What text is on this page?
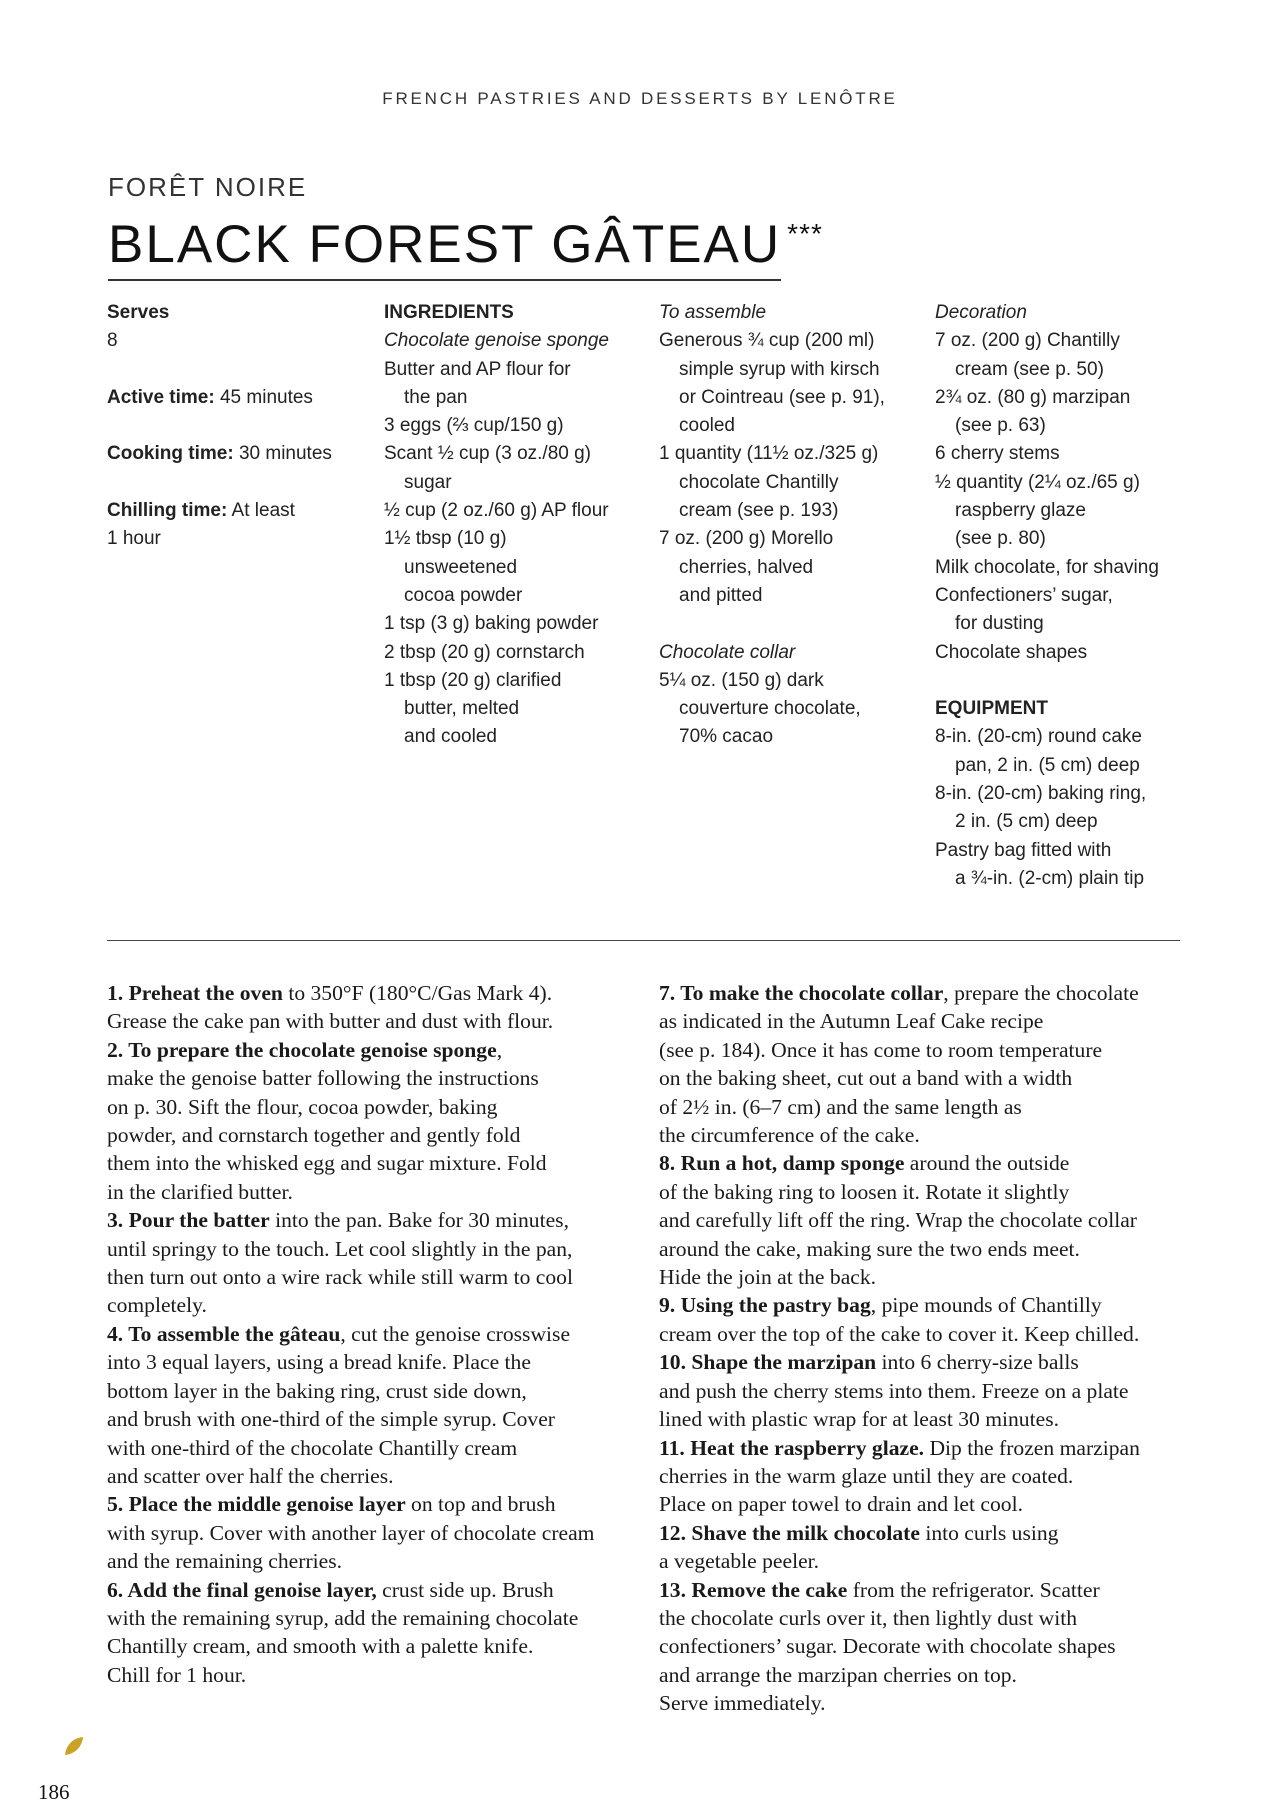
FRENCH PASTRIES AND DESSERTS BY LENÔTRE
FORÊT NOIRE
BLACK FOREST GÂTEAU ***

Serves

8

Active time: 45 minutes

Cooking time: 30 minutes

Chilling time: At least

1 hour

INGREDIENTS

Chocolate genoise sponge

Butter and AP flour for

the pan

3 eggs (⅔ cup/150 g)

Scant ½ cup (3 oz./80 g)

sugar

½ cup (2 oz./60 g) AP flour

1½ tbsp (10 g)

unsweetened

cocoa powder

1 tsp (3 g) baking powder

2 tbsp (20 g) cornstarch

1 tbsp (20 g) clarified

butter, melted

and cooled

To assemble

Generous ¾ cup (200 ml)

simple syrup with kirsch

or Cointreau (see p. 91),

cooled

1 quantity (11½ oz./325 g)

chocolate Chantilly

cream (see p. 193)

7 oz. (200 g) Morello

cherries, halved

and pitted

Chocolate collar

5¼ oz. (150 g) dark

couverture chocolate,

70% cacao

Decoration

7 oz. (200 g) Chantilly

cream (see p. 50)

2¾ oz. (80 g) marzipan

(see p. 63)

6 cherry stems

½ quantity (2¼ oz./65 g)

raspberry glaze

(see p. 80)

Milk chocolate, for shaving

Confectioners’ sugar,

for dusting

Chocolate shapes

EQUIPMENT

8-in. (20-cm) round cake

pan, 2 in. (5 cm) deep

8-in. (20-cm) baking ring,

2 in. (5 cm) deep

Pastry bag fitted with

a ¾-in. (2-cm) plain tip

1. Preheat the oven to 350°F (180°C/Gas Mark 4).

Grease the cake pan with butter and dust with flour.

2. To prepare the chocolate genoise sponge,

make the genoise batter following the instructions

on p. 30. Sift the flour, cocoa powder, baking

powder, and cornstarch together and gently fold

them into the whisked egg and sugar mixture. Fold

in the clarified butter.

3. Pour the batter into the pan. Bake for 30 minutes,

until springy to the touch. Let cool slightly in the pan,

then turn out onto a wire rack while still warm to cool

completely.

4. To assemble the gâteau, cut the genoise crosswise

into 3 equal layers, using a bread knife. Place the

bottom layer in the baking ring, crust side down,

and brush with one-third of the simple syrup. Cover

with one-third of the chocolate Chantilly cream

and scatter over half the cherries.

5. Place the middle genoise layer on top and brush

with syrup. Cover with another layer of chocolate cream

and the remaining cherries.

6. Add the final genoise layer, crust side up. Brush

with the remaining syrup, add the remaining chocolate

Chantilly cream, and smooth with a palette knife.

Chill for 1 hour.

7. To make the chocolate collar, prepare the chocolate

as indicated in the Autumn Leaf Cake recipe

(see p. 184). Once it has come to room temperature

on the baking sheet, cut out a band with a width

of 2½ in. (6–7 cm) and the same length as

the circumference of the cake.

8. Run a hot, damp sponge around the outside

of the baking ring to loosen it. Rotate it slightly

and carefully lift off the ring. Wrap the chocolate collar

around the cake, making sure the two ends meet.

Hide the join at the back.

9. Using the pastry bag, pipe mounds of Chantilly

cream over the top of the cake to cover it. Keep chilled.

10. Shape the marzipan into 6 cherry-size balls

and push the cherry stems into them. Freeze on a plate

lined with plastic wrap for at least 30 minutes.

11. Heat the raspberry glaze. Dip the frozen marzipan

cherries in the warm glaze until they are coated.

Place on paper towel to drain and let cool.

12. Shave the milk chocolate into curls using

a vegetable peeler.

13. Remove the cake from the refrigerator. Scatter

the chocolate curls over it, then lightly dust with

confectioners’ sugar. Decorate with chocolate shapes

and arrange the marzipan cherries on top.

Serve immediately.

186
